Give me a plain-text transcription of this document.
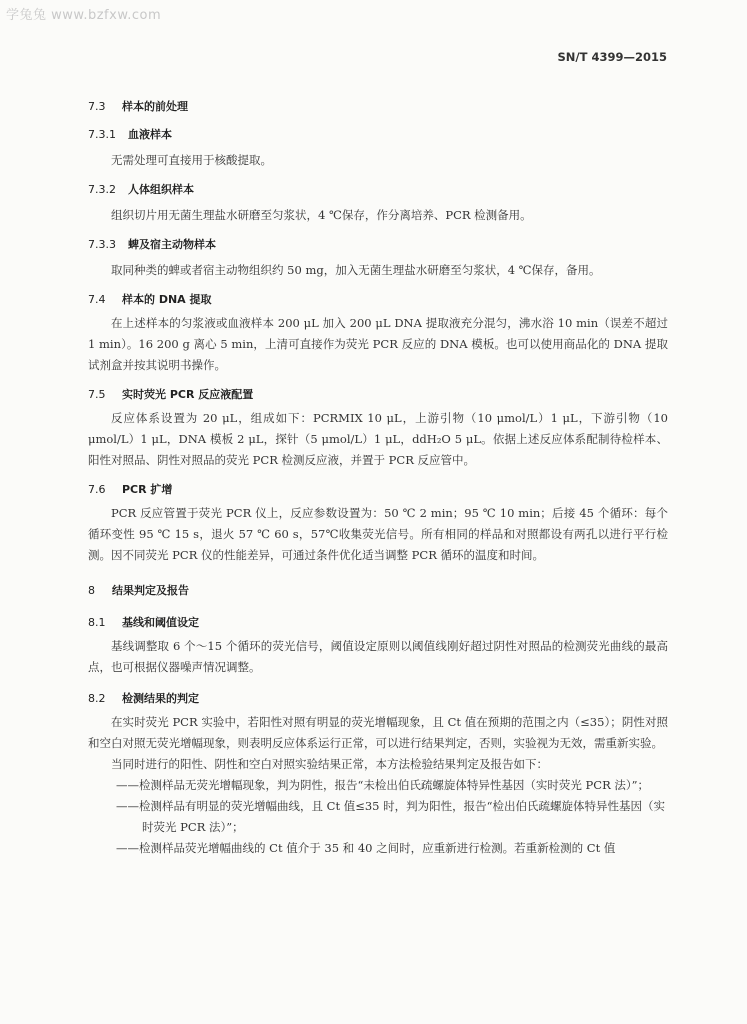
学兔兔 www.bzfxw.com
SN/T 4399—2015
7.3 样本的前处理
7.3.1 血液样本

无需处理可直接用于核酸提取。

7.3.2 人体组织样本

组织切片用无菌生理盐水研磨至匀浆状，4 ℃保存，作分离培养、PCR 检测备用。

7.3.3 蜱及宿主动物样本

取同种类的蜱或者宿主动物组织约 50 mg，加入无菌生理盐水研磨至匀浆状，4 ℃保存，备用。

7.4 样本的 DNA 提取

在上述样本的匀浆液或血液样本 200 μL 加入 200 μL DNA 提取液充分混匀，沸水浴 10 min（误差不超过 1 min）。16 200 g 离心 5 min，上清可直接作为荧光 PCR 反应的 DNA 模板。也可以使用商品化的 DNA 提取试剂盒并按其说明书操作。

7.5 实时荧光 PCR 反应液配置

反应体系设置为 20 μL，组成如下：PCRMIX 10 μL，上游引物（10 μmol/L）1 μL，下游引物（10 μmol/L）1 μL，DNA 模板 2 μL，探针（5 μmol/L）1 μL，ddH₂O 5 μL。依据上述反应体系配制待检样本、阳性对照品、阴性对照品的荧光 PCR 检测反应液，并置于 PCR 反应管中。

7.6 PCR 扩增

PCR 反应管置于荧光 PCR 仪上，反应参数设置为：50 ℃ 2 min；95 ℃ 10 min；后接 45 个循环：每个循环变性 95 ℃ 15 s，退火 57 ℃ 60 s，57℃收集荧光信号。所有相同的样品和对照都设有两孔以进行平行检测。因不同荧光 PCR 仪的性能差异，可通过条件优化适当调整 PCR 循环的温度和时间。

8 结果判定及报告
8.1 基线和阈值设定

基线调整取 6 个～15 个循环的荧光信号，阈值设定原则以阈值线刚好超过阴性对照品的检测荧光曲线的最高点，也可根据仪器噪声情况调整。

8.2 检测结果的判定

在实时荧光 PCR 实验中，若阳性对照有明显的荧光增幅现象，且 Ct 值在预期的范围之内（≤35）；阴性对照和空白对照无荧光增幅现象，则表明反应体系运行正常，可以进行结果判定，否则，实验视为无效，需重新实验。

当同时进行的阳性、阴性和空白对照实验结果正常，本方法检验结果判定及报告如下：

——检测样品无荧光增幅现象，判为阴性，报告“未检出伯氏疏螺旋体特异性基因（实时荧光 PCR 法）”；

——检测样品有明显的荧光增幅曲线，且 Ct 值≤35 时，判为阳性，报告“检出伯氏疏螺旋体特异性基因（实时荧光 PCR 法）”；

——检测样品荧光增幅曲线的 Ct 值介于 35 和 40 之间时，应重新进行检测。若重新检测的 Ct 值
